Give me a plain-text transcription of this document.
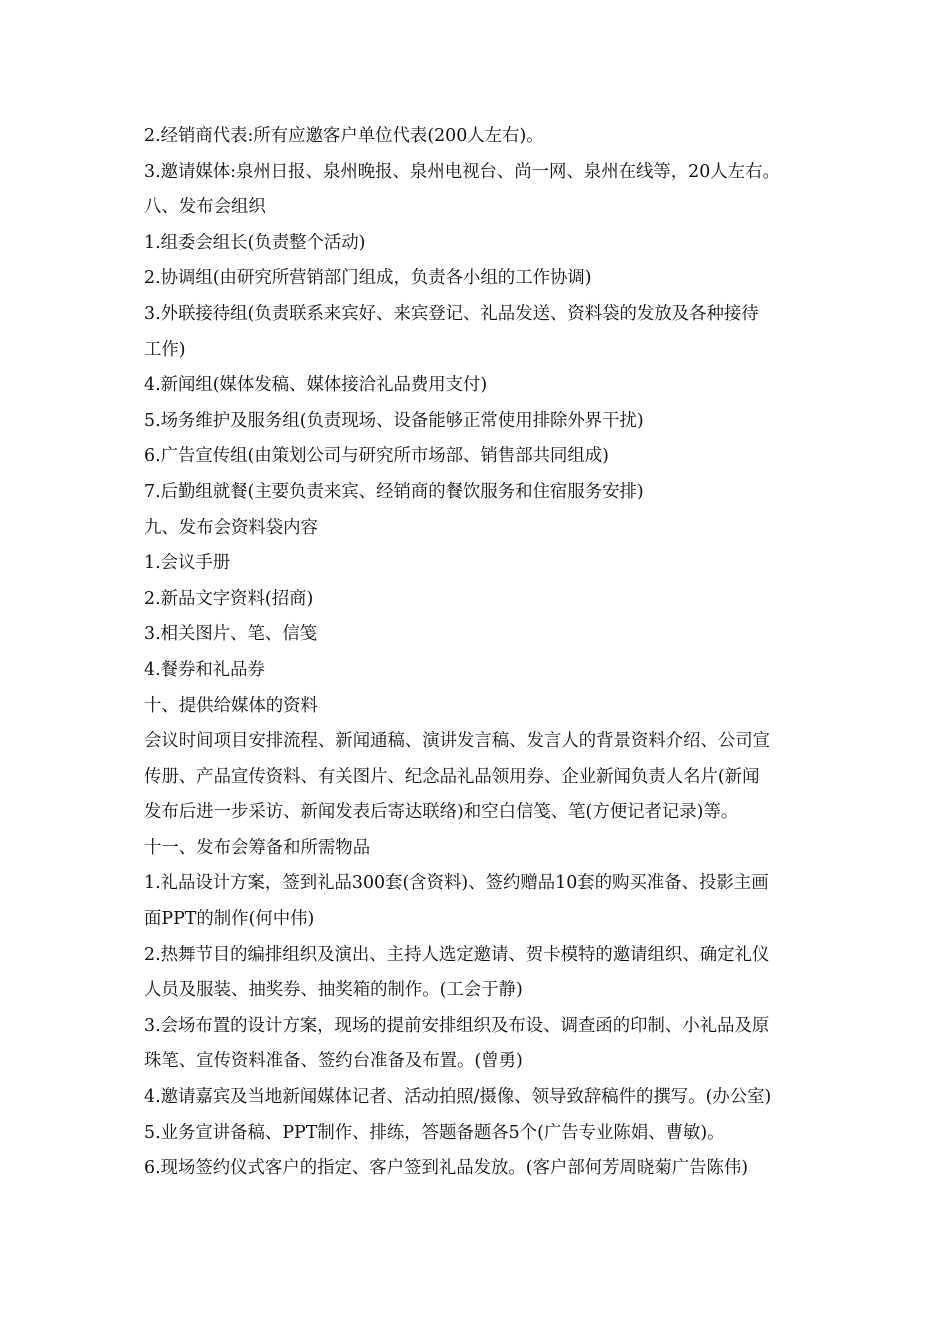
2.经销商代表:所有应邀客户单位代表(200人左右)。
3.邀请媒体:泉州日报、泉州晚报、泉州电视台、尚一网、泉州在线等，20人左右。
八、发布会组织
1.组委会组长(负责整个活动)
2.协调组(由研究所营销部门组成，负责各小组的工作协调)
3.外联接待组(负责联系来宾好、来宾登记、礼品发送、资料袋的发放及各种接待
工作)
4.新闻组(媒体发稿、媒体接洽礼品费用支付)
5.场务维护及服务组(负责现场、设备能够正常使用排除外界干扰)
6.广告宣传组(由策划公司与研究所市场部、销售部共同组成)
7.后勤组就餐(主要负责来宾、经销商的餐饮服务和住宿服务安排)
九、发布会资料袋内容
1.会议手册
2.新品文字资料(招商)
3.相关图片、笔、信笺
4.餐券和礼品券
十、提供给媒体的资料
会议时间项目安排流程、新闻通稿、演讲发言稿、发言人的背景资料介绍、公司宣
传册、产品宣传资料、有关图片、纪念品礼品领用券、企业新闻负责人名片(新闻
发布后进一步采访、新闻发表后寄达联络)和空白信笺、笔(方便记者记录)等。
十一、发布会筹备和所需物品
1.礼品设计方案，签到礼品300套(含资料)、签约赠品10套的购买准备、投影主画
面PPT的制作(何中伟)
2.热舞节目的编排组织及演出、主持人选定邀请、贺卡模特的邀请组织、确定礼仪
人员及服装、抽奖券、抽奖箱的制作。(工会于静)
3.会场布置的设计方案，现场的提前安排组织及布设、调查函的印制、小礼品及原
珠笔、宣传资料准备、签约台准备及布置。(曾勇)
4.邀请嘉宾及当地新闻媒体记者、活动拍照/摄像、领导致辞稿件的撰写。(办公室)
5.业务宣讲备稿、PPT制作、排练，答题备题各5个(广告专业陈娟、曹敏)。
6.现场签约仪式客户的指定、客户签到礼品发放。(客户部何芳周晓菊广告陈伟)
